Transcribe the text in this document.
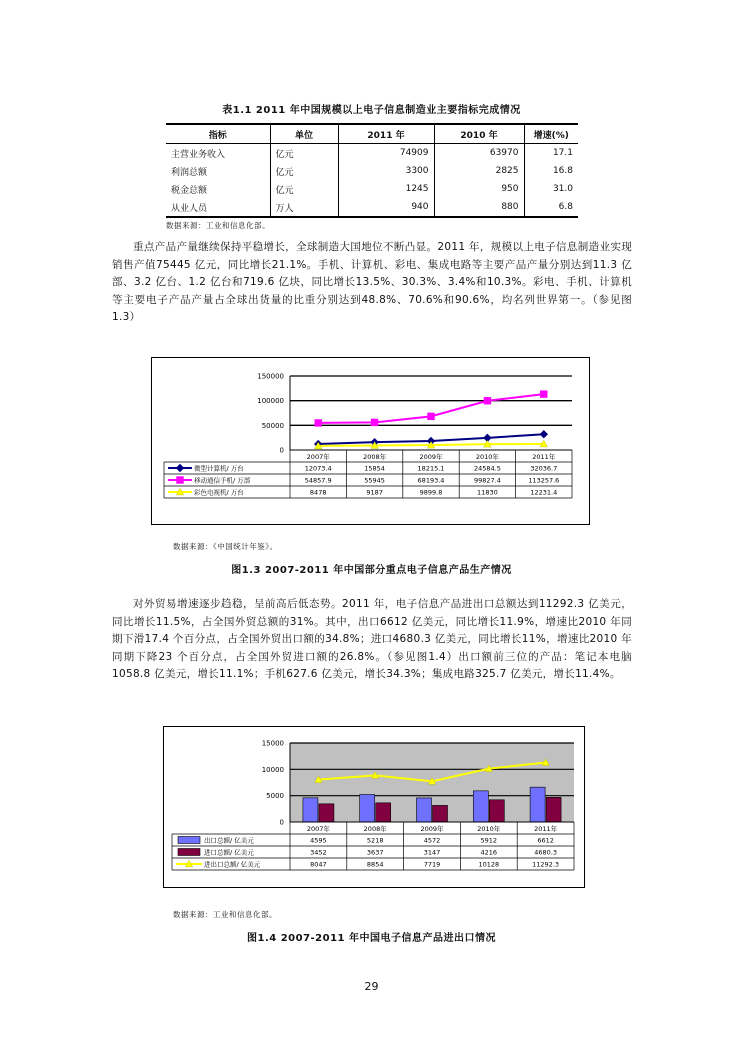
表1.1 2011 年中国规模以上电子信息制造业主要指标完成情况
指标	单位	2011 年	2010 年	增速(%)
主营业务收入	亿元	74909	63970	17.1
利润总额	亿元	3300	2825	16.8
税金总额	亿元	1245	950	31.0
从业人员	万人	940	880	6.8
数据来源：工业和信息化部。

重点产品产量继续保持平稳增长，全球制造大国地位不断凸显。2011 年，规模以上电子信息制造业实现销售产值75445 亿元，同比增长21.1%。手机、计算机、彩电、集成电路等主要产品产量分别达到11.3 亿部、3.2 亿台、1.2 亿台和719.6 亿块，同比增长13.5%、30.3%、3.4%和10.3%。彩电、手机、计算机等主要电子产品产量占全球出货量的比重分别达到48.8%、70.6%和90.6%，均名列世界第一。（参见图1.3）

0
50000
100000
150000
2007年	2008年	2009年	2010年	2011年
微型计算机/ 万台	12073.4	15854	18215.1	24584.5	32036.7
移动通信手机/ 万部	54857.9	55945	68193.4	99827.4	113257.6
彩色电视机/ 万台	8478	9187	9899.8	11830	12231.4
数据来源：《中国统计年鉴》。
图1.3 2007-2011 年中国部分重点电子信息产品生产情况

对外贸易增速逐步趋稳，呈前高后低态势。2011 年，电子信息产品进出口总额达到11292.3 亿美元，同比增长11.5%，占全国外贸总额的31%。其中，出口6612 亿美元，同比增长11.9%，增速比2010 年同期下滑17.4 个百分点，占全国外贸出口额的34.8%；进口4680.3 亿美元，同比增长11%，增速比2010 年同期下降23 个百分点，占全国外贸进口额的26.8%。（参见图1.4）出口额前三位的产品：笔记本电脑1058.8 亿美元，增长11.1%；手机627.6 亿美元，增长34.3%；集成电路325.7 亿美元，增长11.4%。

0
5000
10000
15000
2007年	2008年	2009年	2010年	2011年
出口总额/ 亿美元	4595	5218	4572	5912	6612
进口总额/ 亿美元	3452	3637	3147	4216	4680.3
进出口总额/ 亿美元	8047	8854	7719	10128	11292.3
数据来源：工业和信息化部。
图1.4 2007-2011 年中国电子信息产品进出口情况
29
